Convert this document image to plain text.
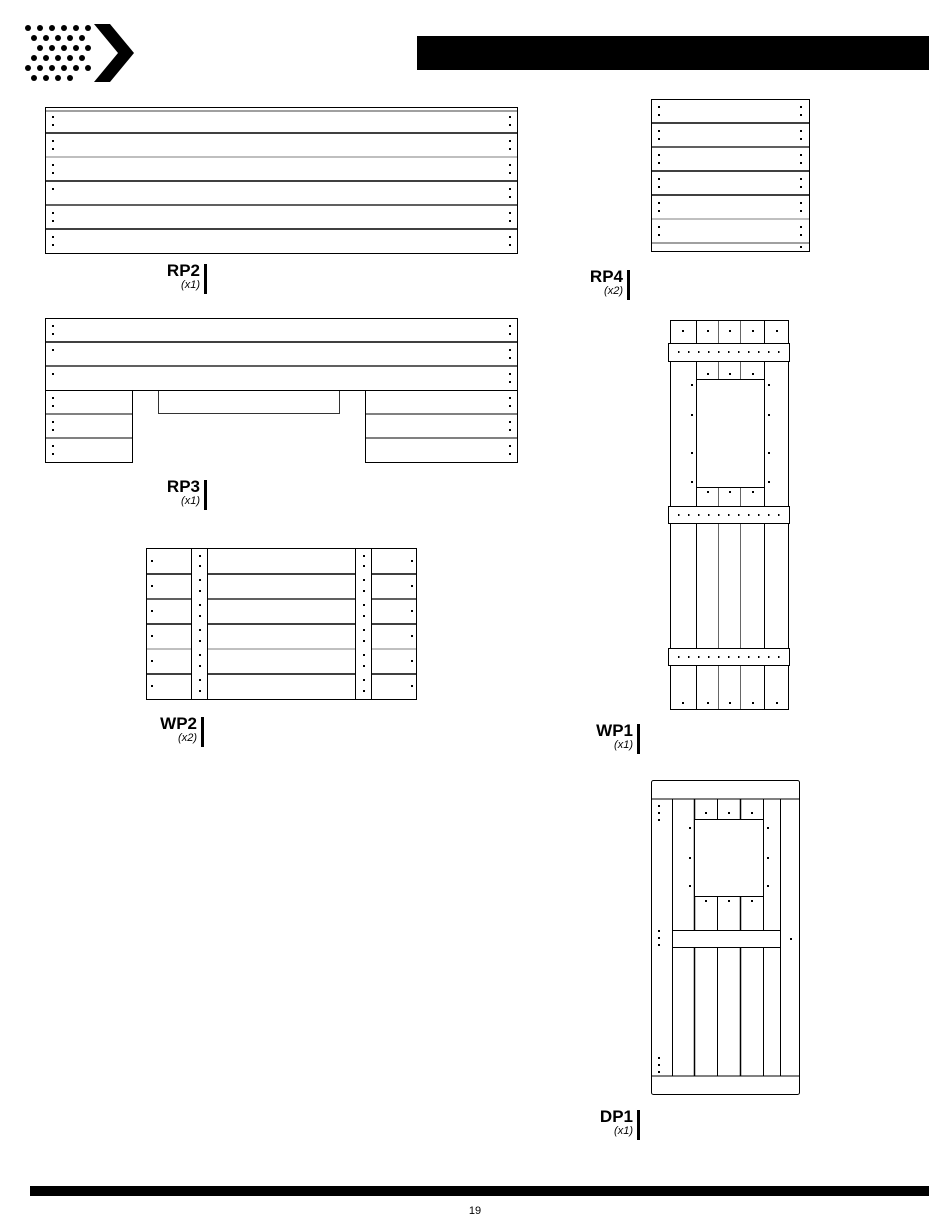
RP2
(x1)
RP3
(x1)
WP2
(x2)
RP4
(x2)
WP1
(x1)
DP1
(x1)
19
